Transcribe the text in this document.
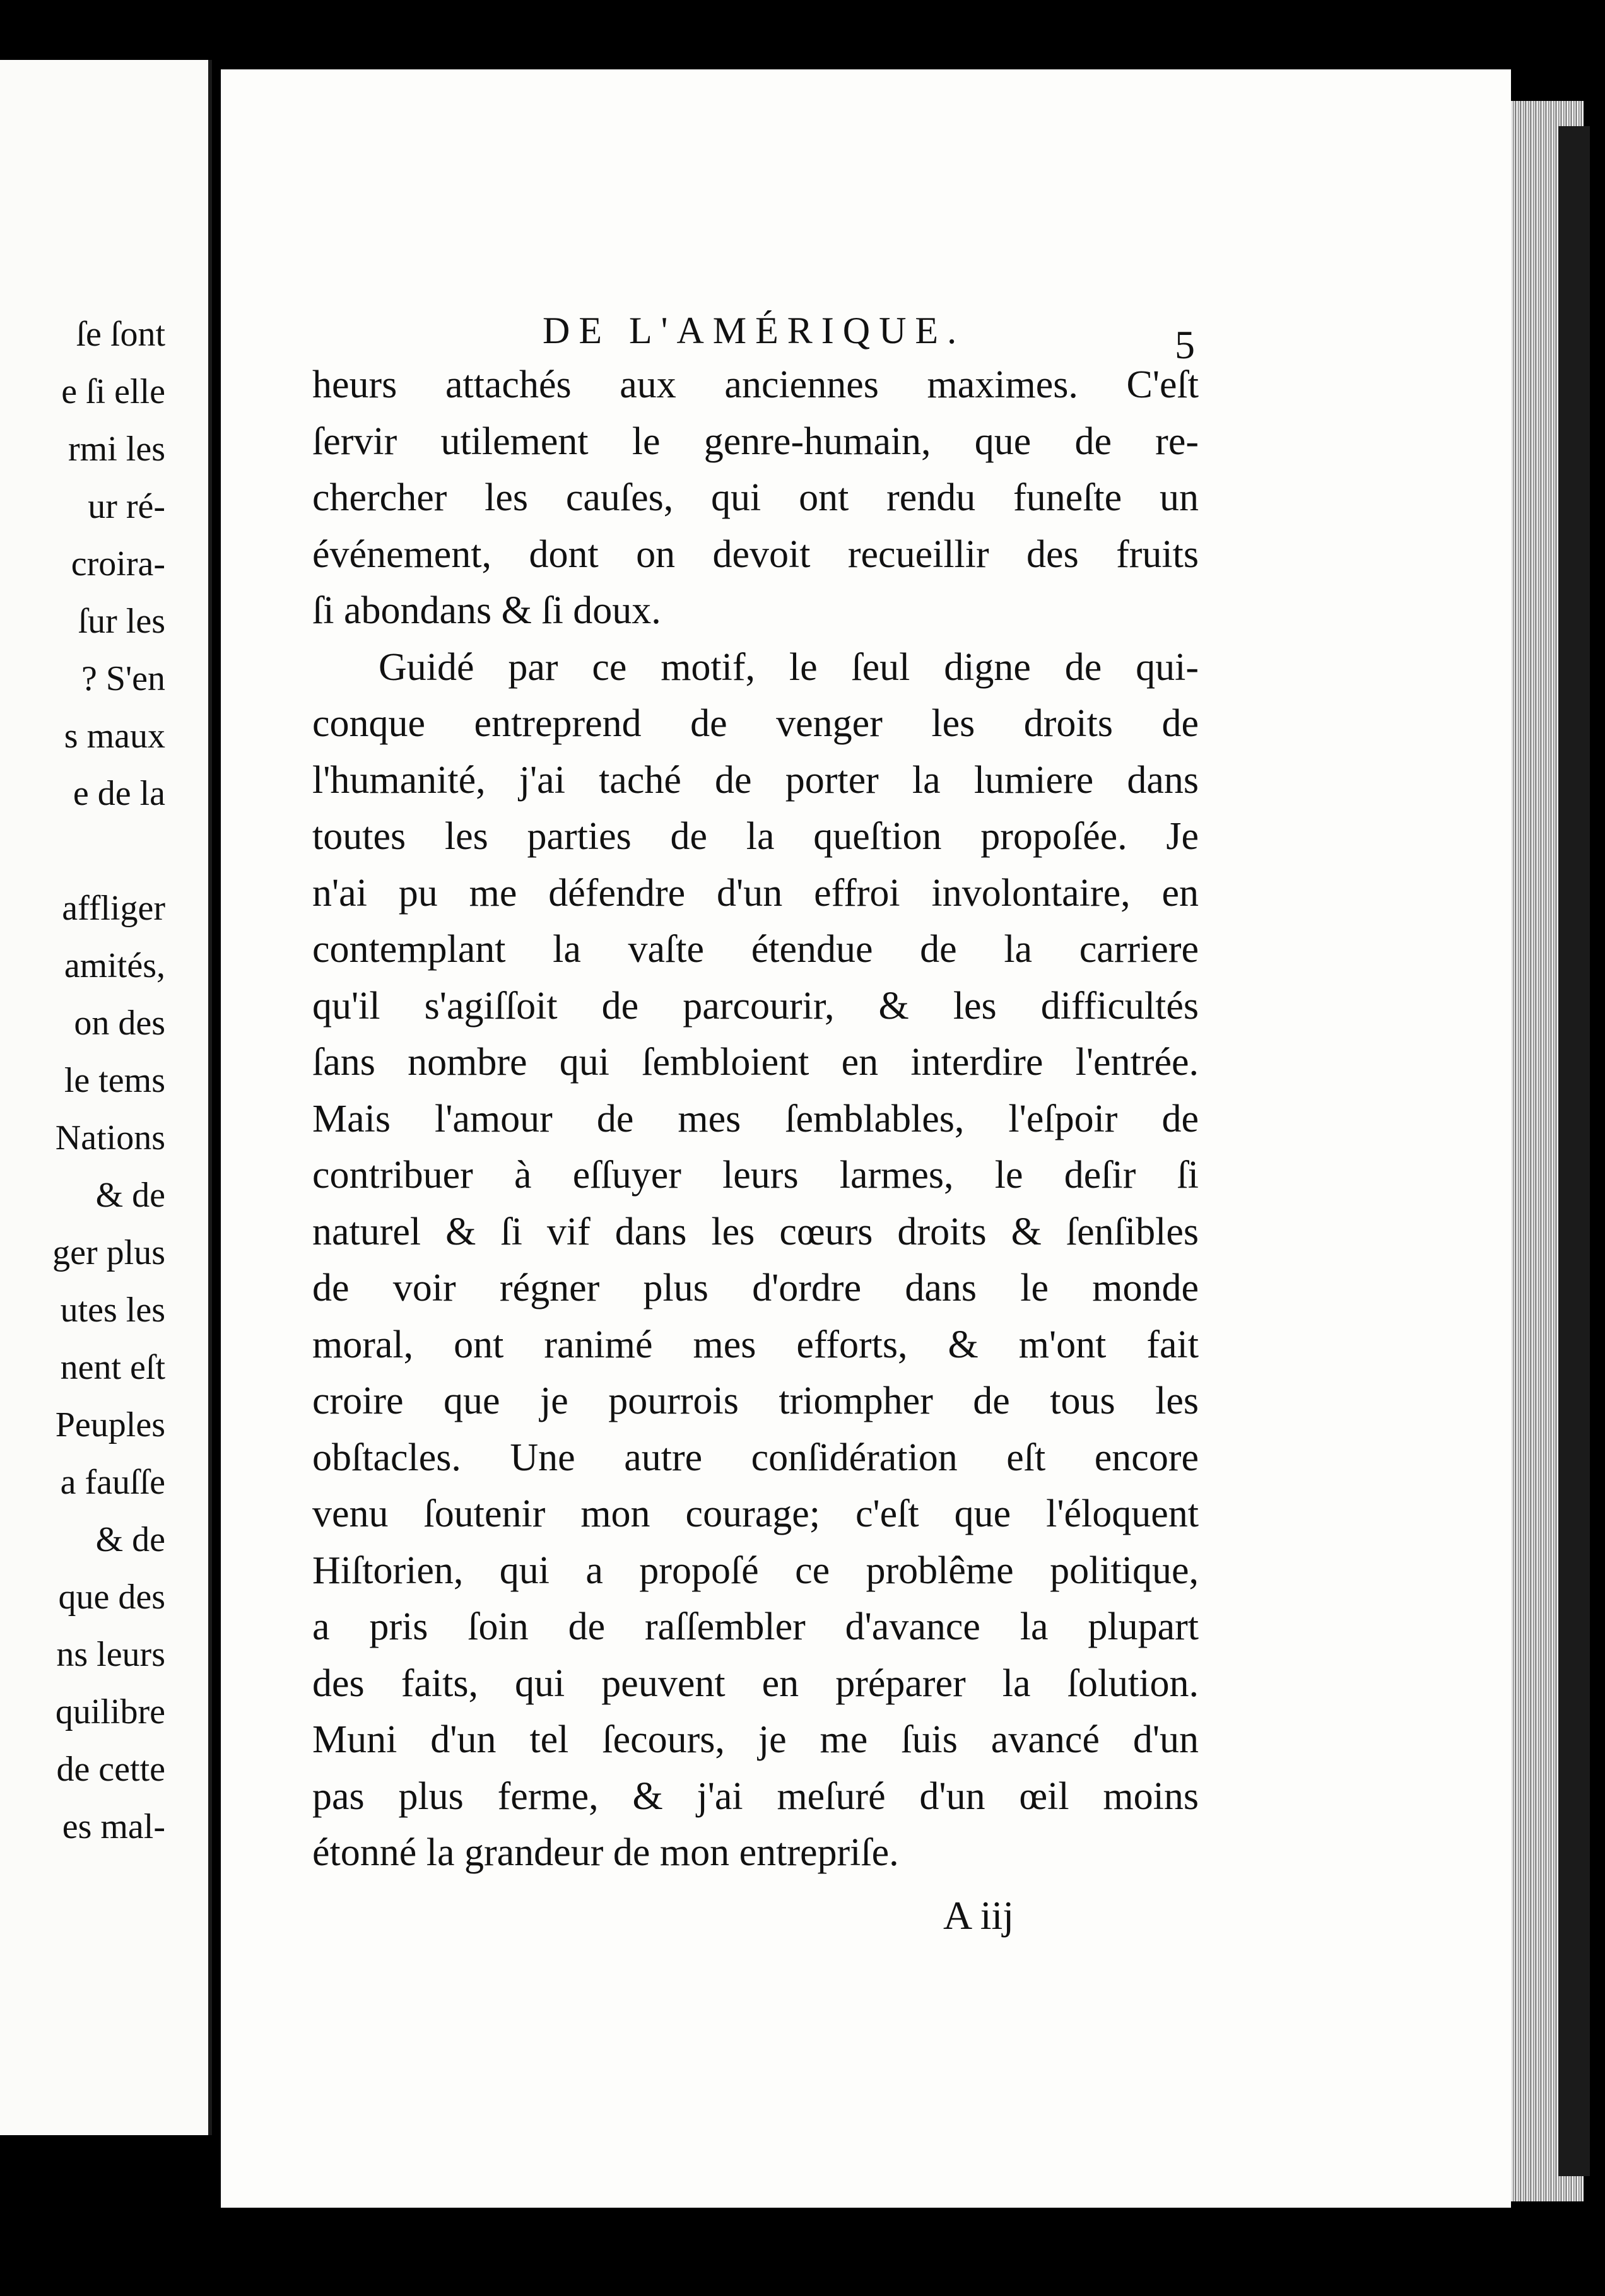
ſe ſont
e ſi elle
rmi les
ur ré-
croira-
ſur les
? S'en
s maux
e de la
affliger
amités,
on des
le tems
Nations
& de
ger plus
utes les
nent eſt
Peuples
a fauſſe
& de
que des
ns leurs
quilibre
de cette
es mal-
DE L'AMÉRIQUE.	5
heurs attachés aux anciennes maximes. C'eſt
ſervir utilement le genre-humain, que de re-
chercher les cauſes, qui ont rendu funeſte un
événement, dont on devoit recueillir des fruits
ſi abondans & ſi doux.
Guidé par ce motif, le ſeul digne de qui-
conque entreprend de venger les droits de
l'humanité, j'ai taché de porter la lumiere dans
toutes les parties de la queſtion propoſée. Je
n'ai pu me défendre d'un effroi involontaire, en
contemplant la vaſte étendue de la carriere
qu'il s'agiſſoit de parcourir, & les difficultés
ſans nombre qui ſembloient en interdire l'entrée.
Mais l'amour de mes ſemblables, l'eſpoir de
contribuer à eſſuyer leurs larmes, le deſir ſi
naturel & ſi vif dans les cœurs droits & ſenſibles
de voir régner plus d'ordre dans le monde
moral, ont ranimé mes efforts, & m'ont fait
croire que je pourrois triompher de tous les
obſtacles. Une autre conſidération eſt encore
venu ſoutenir mon courage; c'eſt que l'éloquent
Hiſtorien, qui a propoſé ce problême politique,
a pris ſoin de raſſembler d'avance la plupart
des faits, qui peuvent en préparer la ſolution.
Muni d'un tel ſecours, je me ſuis avancé d'un
pas plus ferme, & j'ai meſuré d'un œil moins
étonné la grandeur de mon entrepriſe.
A iij
